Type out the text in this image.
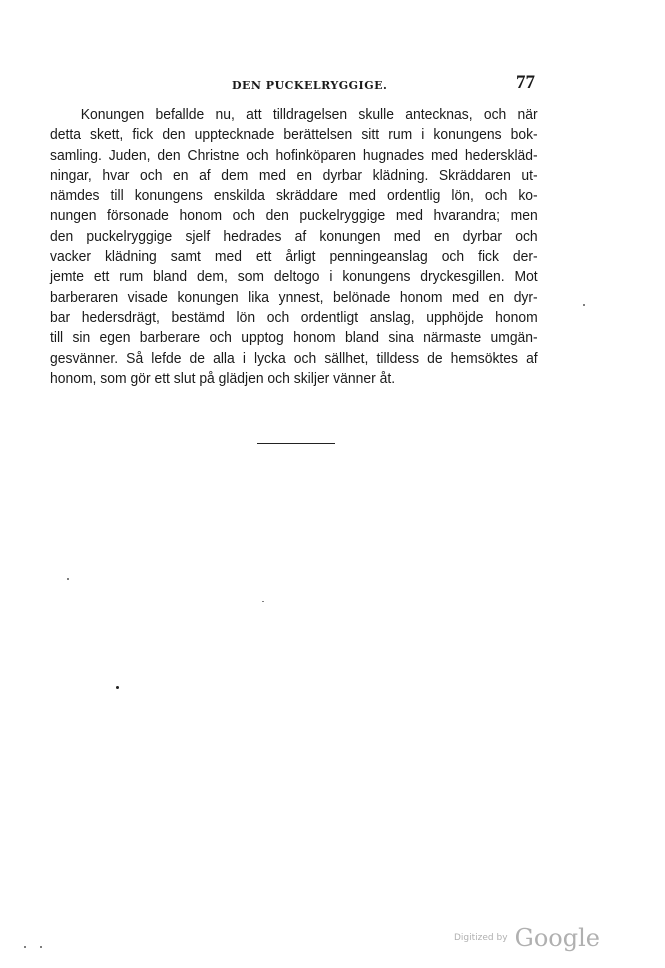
DEN PUCKELRYGGIGE.	77
Konungen befallde nu, att tilldragelsen skulle antecknas, och när
detta skett, fick den upptecknade berättelsen sitt rum i konungens bok-
samling. Juden, den Christne och hofinköparen hugnades med hederskläd-
ningar, hvar och en af dem med en dyrbar klädning. Skräddaren ut-
nämdes till konungens enskilda skräddare med ordentlig lön, och ko-
nungen försonade honom och den puckelryggige med hvarandra; men
den puckelryggige sjelf hedrades af konungen med en dyrbar och
vacker klädning samt med ett årligt penningeanslag och fick der-
jemte ett rum bland dem, som deltogo i konungens dryckesgillen. Mot
barberaren visade konungen lika ynnest, belönade honom med en dyr-
bar hedersdrägt, bestämd lön och ordentligt anslag, upphöjde honom
till sin egen barberare och upptog honom bland sina närmaste umgän-
gesvänner. Så lefde de alla i lycka och sällhet, tilldess de hemsöktes af
honom, som gör ett slut på glädjen och skiljer vänner åt.
Digitized by Google
